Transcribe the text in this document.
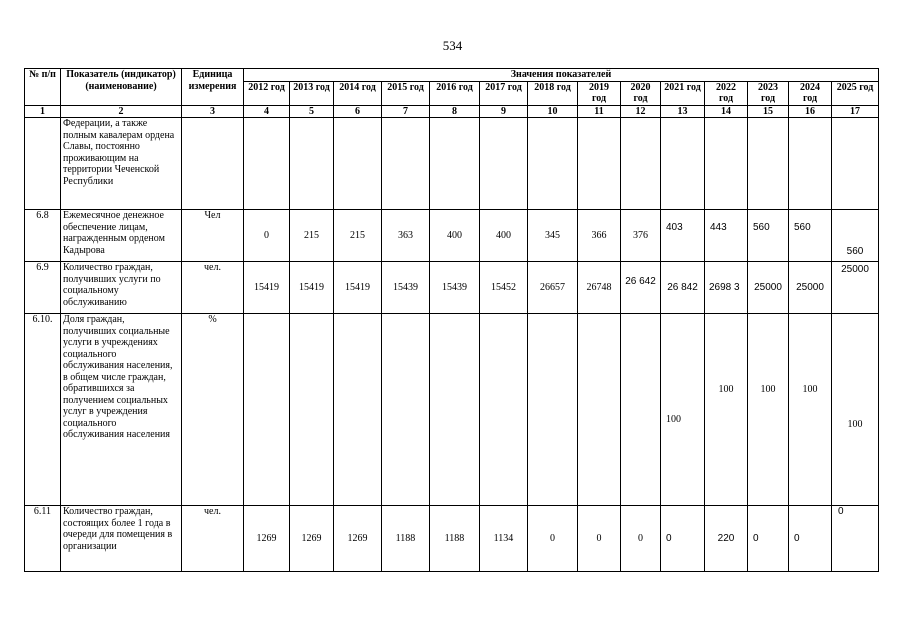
534
№ п/п	Показатель (индикатор) (наименование)	Единица измерения	Значения показателей													
			2012 год	2013 год	2014 год	2015 год	2016 год	2017 год	2018 год	2019 год	2020 год	2021 год	2022 год	2023 год	2024 год	2025 год
1	2	3	4	5	6	7	8	9	10	11	12	13	14	15	16	17
	Федерации, а также полным кавалерам ордена Славы, постоянно проживающим на территории Чеченской Республики															
6.8	Ежемесячное денежное обеспечение лицам, награжденным орденом Кадырова	Чел	0	215	215	363	400	400	345	366	376	403	443	560	560	560
6.9	Количество граждан, получивших услуги по социальному обслуживанию	чел.	15419	15419	15419	15439	15439	15452	26657	26748	26 642	26 842	2698 3	25000	25000	25000
6.10.	Доля граждан, получивших социальные услуги в учреждениях социального обслуживания населения, в общем числе граждан, обратившихся за получением социальных услуг в учреждения социального обслуживания населения	%										100	100	100	100	100
6.11	Количество граждан, состоящих более 1 года в очереди для помещения в организации	чел.	1269	1269	1269	1188	1188	1134	0	0	0	0	220	0	0	0
